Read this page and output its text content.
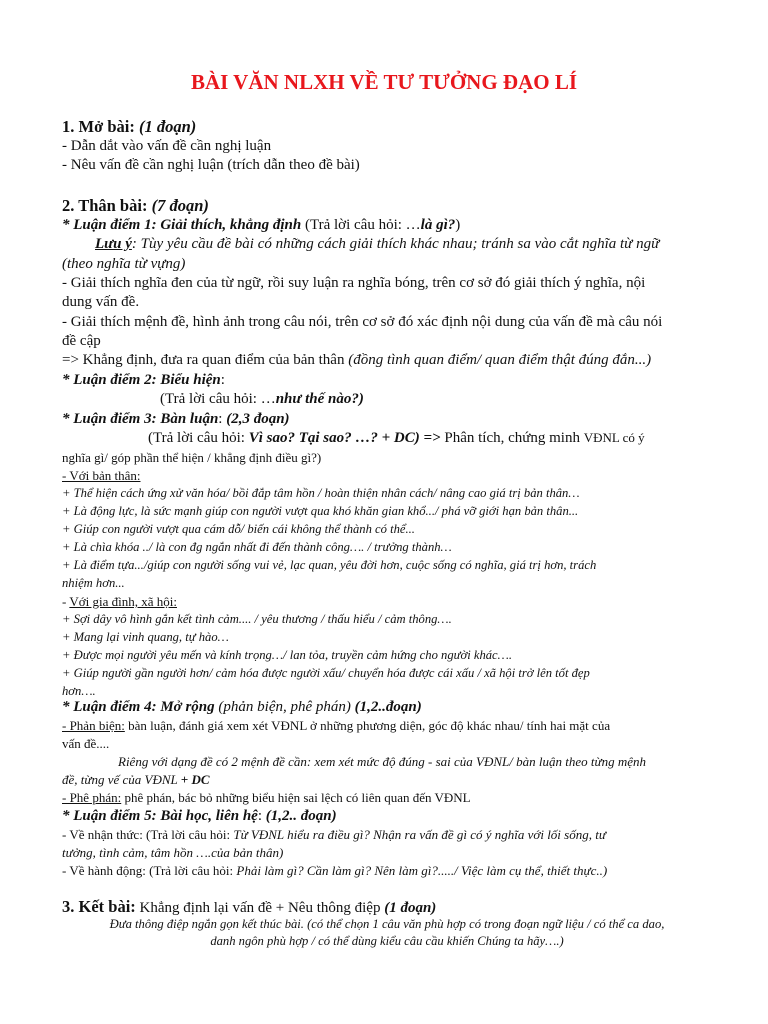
BÀI VĂN NLXH VỀ TƯ TƯỞNG ĐẠO LÍ
1. Mở bài: (1 đoạn)
- Dẫn dắt vào vấn đề cần nghị luận
- Nêu vấn đề cần nghị luận (trích dẫn theo đề bài)
2. Thân bài: (7 đoạn)
* Luận điểm 1: Giải thích, khẳng định (Trả lời câu hỏi: …là gì?)
Lưu ý: Tùy yêu cầu đề bài có những cách giải thích khác nhau; tránh sa vào cắt nghĩa từ ngữ
(theo nghĩa từ vựng)
- Giải thích nghĩa đen của từ ngữ, rồi suy luận ra nghĩa bóng, trên cơ sở đó giải thích ý nghĩa, nội
dung vấn đề.
- Giải thích mệnh đề, hình ảnh trong câu nói, trên cơ sở đó xác định nội dung của vấn đề mà câu nói
đề cập
=> Khẳng định, đưa ra quan điểm của bản thân (đồng tình quan điểm/ quan điểm thật đúng đắn...)
* Luận điểm 2: Biểu hiện:
(Trả lời câu hỏi: …như thế nào?)
* Luận điểm 3: Bàn luận: (2,3 đoạn)
(Trả lời câu hỏi: Vì sao? Tại sao? …? + DC) => Phân tích, chứng minh VĐNL có ý
nghĩa gì/ góp phần thể hiện / khẳng định điều gì?)
- Với bản thân:
+ Thể hiện cách ứng xử văn hóa/ bồi đắp tâm hồn / hoàn thiện nhân cách/ nâng cao giá trị bản thân…
+ Là động lực, là sức mạnh giúp con người vượt qua khó khăn gian khổ.../ phá vỡ giới hạn bản thân...
+ Giúp con người vượt qua cám dỗ/ biến cái không thể thành có thể...
+ Là chìa khóa ../ là con đg ngắn nhất đi đến thành công…. / trưởng thành…
+ Là điểm tựa.../giúp con người sống vui vẻ, lạc quan, yêu đời hơn, cuộc sống có nghĩa, giá trị hơn, trách
nhiệm hơn...
- Với gia đình, xã hội:
+ Sợi dây vô hình gắn kết tình cảm.... / yêu thương / thấu hiểu / cảm thông….
+ Mang lại vinh quang, tự hào…
+ Được mọi người yêu mến và kính trọng…/ lan tỏa, truyền cảm hứng cho người khác….
+ Giúp người gần người hơn/ cảm hóa được người xấu/ chuyển hóa được cái xấu / xã hội trở lên tốt đẹp
hơn….
* Luận điểm 4: Mở rộng (phản biện, phê phán) (1,2..đoạn)
- Phản biện: bàn luận, đánh giá xem xét VĐNL ở những phương diện, góc độ khác nhau/ tính hai mặt của
vấn đề....
Riêng với dạng đề có 2 mệnh đề cần: xem xét mức độ đúng - sai của VĐNL/ bàn luận theo từng mệnh
đề, từng vế của VĐNL + DC
- Phê phán: phê phán, bác bỏ những biểu hiện sai lệch có liên quan đến VĐNL
* Luận điểm 5: Bài học, liên hệ: (1,2.. đoạn)
- Về nhận thức: (Trả lời câu hỏi: Từ VĐNL hiểu ra điều gì? Nhận ra vấn đề gì có ý nghĩa với lối sống, tư
tưởng, tình cảm, tâm hồn ….của bản thân)
- Về hành động: (Trả lời câu hỏi: Phải làm gì? Cần làm gì? Nên làm gì?...../ Việc làm cụ thể, thiết thực..)
3. Kết bài: Khẳng định lại vấn đề + Nêu thông điệp (1 đoạn)
Đưa thông điệp ngắn gọn kết thúc bài. (có thể chọn 1 câu văn phù hợp có trong đoạn ngữ liệu / có thể ca dao,
danh ngôn phù hợp / có thể dùng kiểu câu cầu khiến Chúng ta hãy….)
